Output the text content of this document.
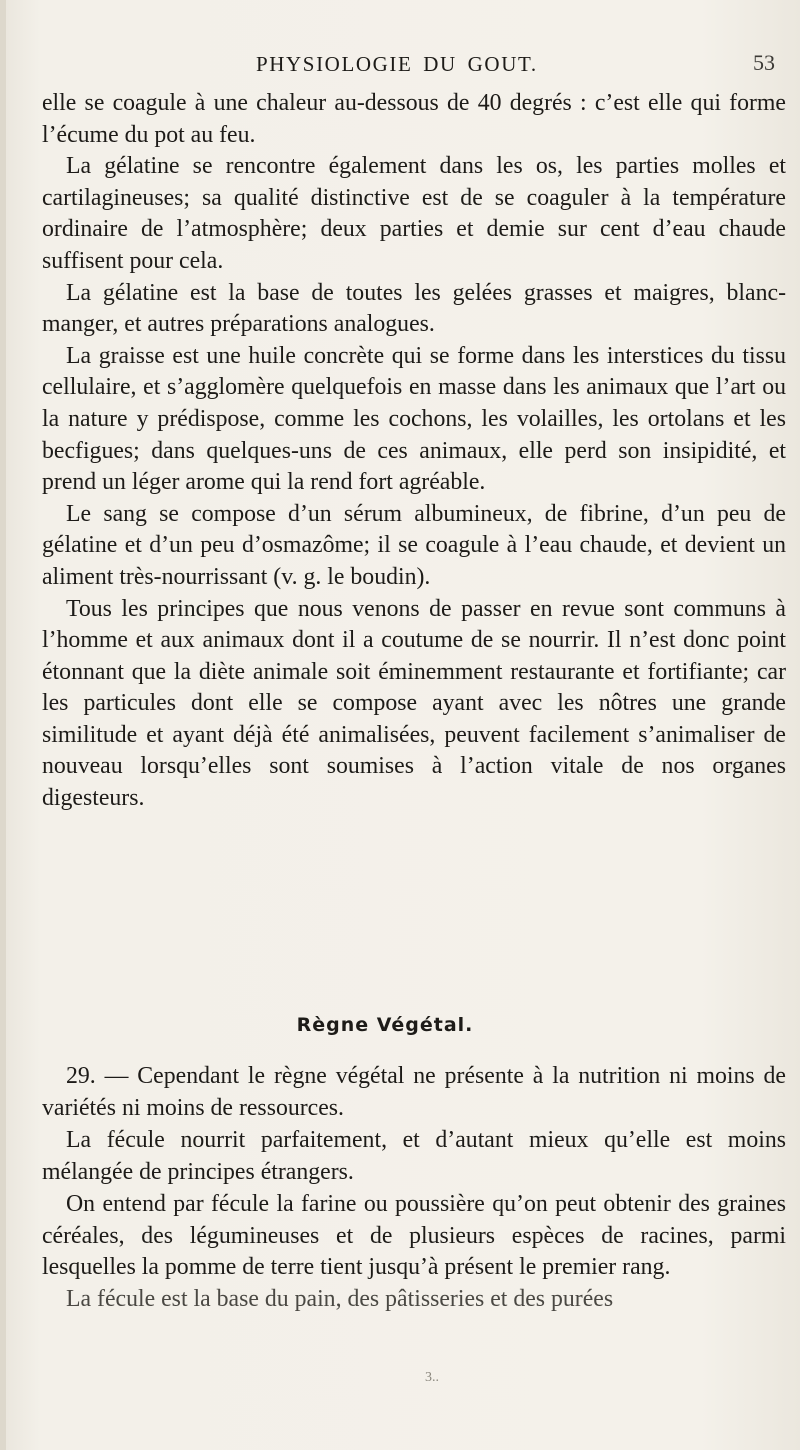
PHYSIOLOGIE DU GOUT.	53

elle se coagule à une chaleur au-dessous de 40 degrés : c’est elle qui forme l’écume du pot au feu.

La gélatine se rencontre également dans les os, les parties molles et cartilagineuses; sa qualité distinctive est de se coaguler à la température ordinaire de l’atmosphère; deux parties et demie sur cent d’eau chaude suffisent pour cela.

La gélatine est la base de toutes les gelées grasses et maigres, blanc-manger, et autres préparations analogues.

La graisse est une huile concrète qui se forme dans les interstices du tissu cellulaire, et s’agglomère quelquefois en masse dans les animaux que l’art ou la nature y prédispose, comme les cochons, les volailles, les ortolans et les becfigues; dans quelques-uns de ces animaux, elle perd son insipidité, et prend un léger arome qui la rend fort agréable.

Le sang se compose d’un sérum albumineux, de fibrine, d’un peu de gélatine et d’un peu d’osmazôme; il se coagule à l’eau chaude, et devient un aliment très-nourrissant (v. g. le boudin).

Tous les principes que nous venons de passer en revue sont communs à l’homme et aux animaux dont il a coutume de se nourrir. Il n’est donc point étonnant que la diète animale soit éminemment restaurante et fortifiante; car les particules dont elle se compose ayant avec les nôtres une grande similitude et ayant déjà été animalisées, peuvent facilement s’animaliser de nouveau lorsqu’elles sont soumises à l’action vitale de nos organes digesteurs.

Règne Végétal.

29. — Cependant le règne végétal ne présente à la nutrition ni moins de variétés ni moins de ressources.

La fécule nourrit parfaitement, et d’autant mieux qu’elle est moins mélangée de principes étrangers.

On entend par fécule la farine ou poussière qu’on peut obtenir des graines céréales, des légumineuses et de plusieurs espèces de racines, parmi lesquelles la pomme de terre tient jusqu’à présent le premier rang.

La fécule est la base du pain, des pâtisseries et des purées

3..
